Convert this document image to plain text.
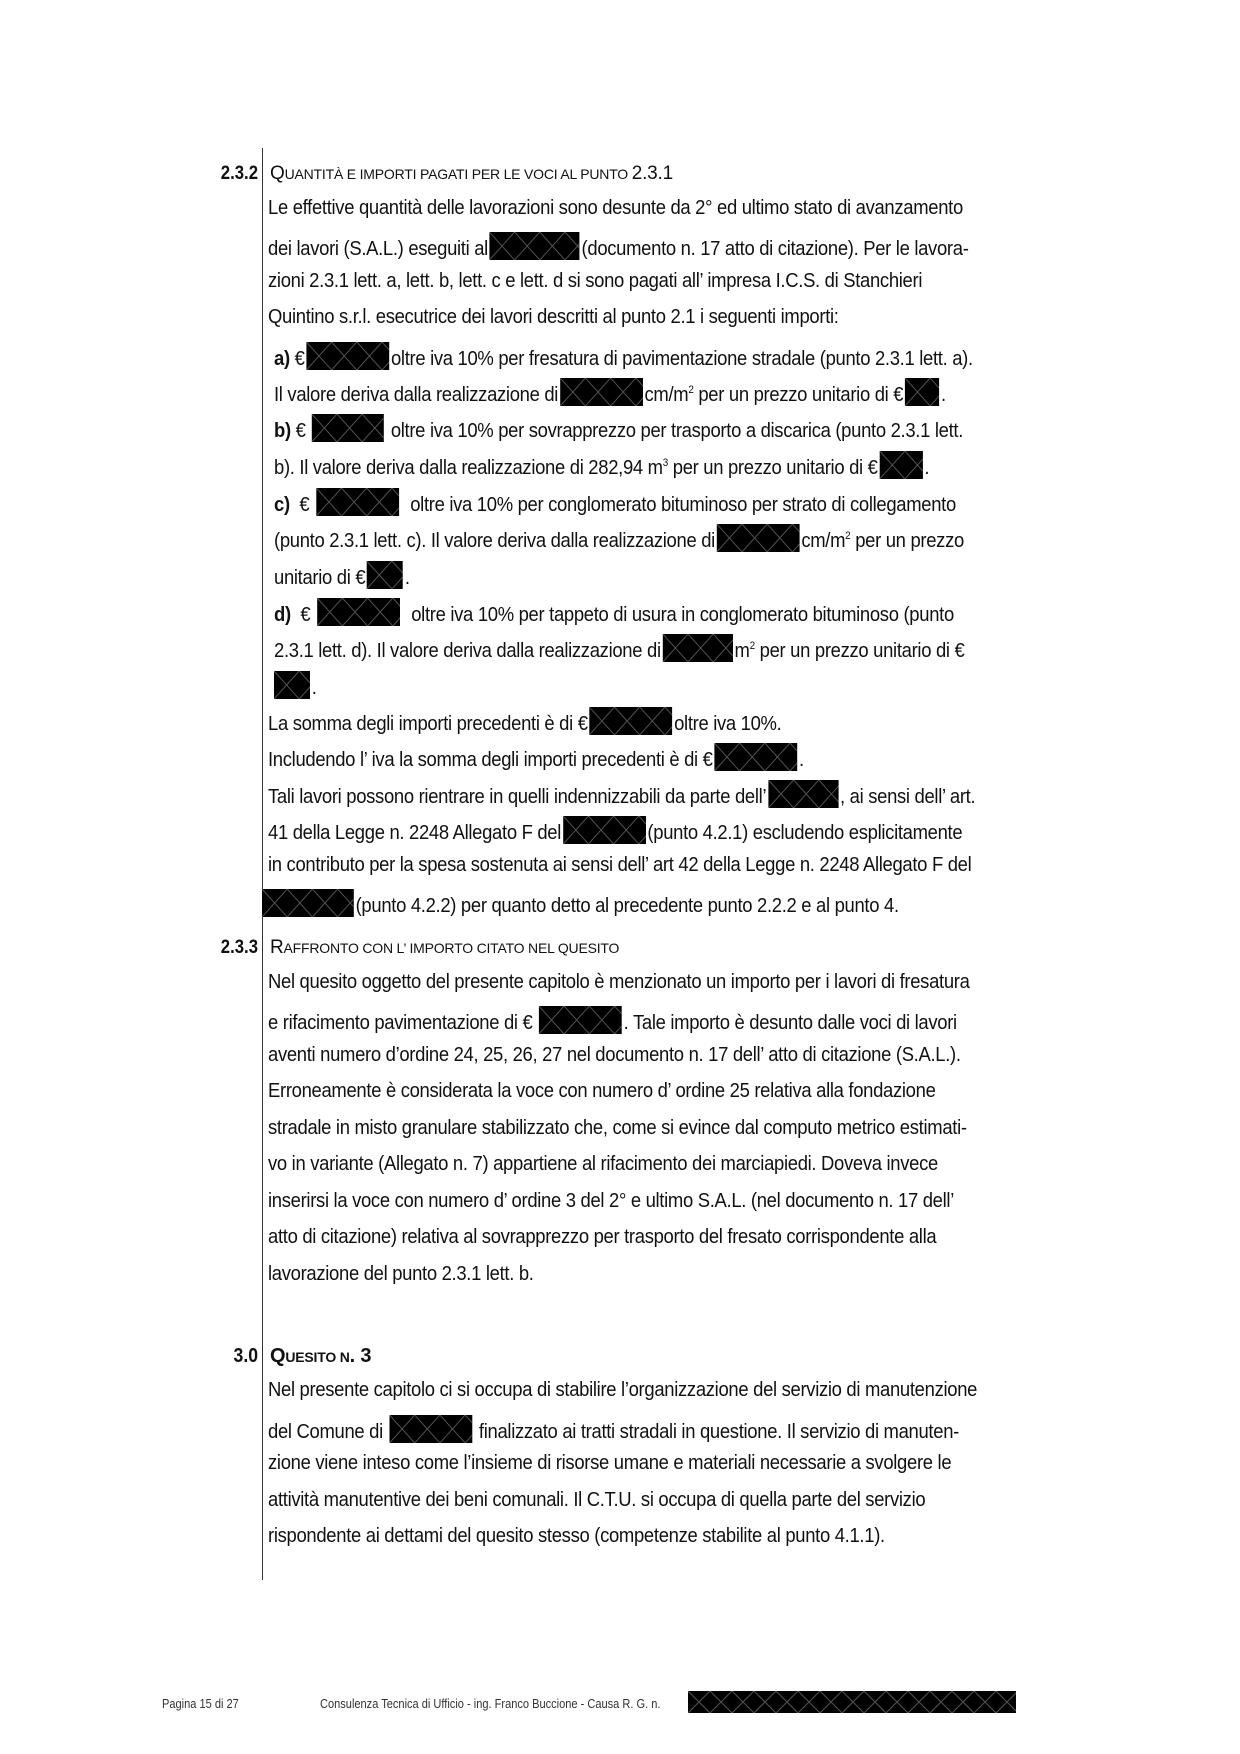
2.3.2 QUANTITÀ E IMPORTI PAGATI PER LE VOCI AL PUNTO 2.3.1
Le effettive quantità delle lavorazioni sono desunte da 2° ed ultimo stato di avanzamento
dei lavori (S.A.L.) eseguiti al	(documento n. 17 atto di citazione). Per le lavora-
zioni 2.3.1 lett. a, lett. b, lett. c e lett. d si sono pagati all’ impresa I.C.S. di Stanchieri
Quintino s.r.l. esecutrice dei lavori descritti al punto 2.1 i seguenti importi:
a) €	oltre iva 10% per fresatura di pavimentazione stradale (punto 2.3.1 lett. a).
Il valore deriva dalla realizzazione di	$cm/m^2$ per un prezzo unitario di € .
b) €	oltre iva 10% per sovrapprezzo per trasporto a discarica (punto 2.3.1 lett.
b). Il valore deriva dalla realizzazione di 282,94 $m^3$ per un prezzo unitario di € .
c) €	oltre iva 10% per conglomerato bituminoso per strato di collegamento
(punto 2.3.1 lett. c). Il valore deriva dalla realizzazione di	$cm/m^2$ per un prezzo
unitario di € .
d) €	oltre iva 10% per tappeto di usura in conglomerato bituminoso (punto
2.3.1 lett. d). Il valore deriva dalla realizzazione di	$m^2$ per un prezzo unitario di €
.
La somma degli importi precedenti è di €	oltre iva 10%.
Includendo l’ iva la somma degli importi precedenti è di €	.
Tali lavori possono rientrare in quelli indennizzabili da parte dell’	, ai sensi dell’ art.
41 della Legge n. 2248 Allegato F del	(punto 4.2.1) escludendo esplicitamente
in contributo per la spesa sostenuta ai sensi dell’ art 42 della Legge n. 2248 Allegato F del
(punto 4.2.2) per quanto detto al precedente punto 2.2.2 e al punto 4.
2.3.3 RAFFRONTO CON L’ IMPORTO CITATO NEL QUESITO
Nel quesito oggetto del presente capitolo è menzionato un importo per i lavori di fresatura
e rifacimento pavimentazione di €	. Tale importo è desunto dalle voci di lavori
aventi numero d’ordine 24, 25, 26, 27 nel documento n. 17 dell’ atto di citazione (S.A.L.).
Erroneamente è considerata la voce con numero d’ ordine 25 relativa alla fondazione
stradale in misto granulare stabilizzato che, come si evince dal computo metrico estimati-
vo in variante (Allegato n. 7) appartiene al rifacimento dei marciapiedi. Doveva invece
inserirsi la voce con numero d’ ordine 3 del 2° e ultimo S.A.L. (nel documento n. 17 dell’
atto di citazione) relativa al sovrapprezzo per trasporto del fresato corrispondente alla
lavorazione del punto 2.3.1 lett. b.
3.0 QUESITO N. 3
Nel presente capitolo ci si occupa di stabilire l’organizzazione del servizio di manutenzione
del Comune di	finalizzato ai tratti stradali in questione. Il servizio di manuten-
zione viene inteso come l’insieme di risorse umane e materiali necessarie a svolgere le
attività manutentive dei beni comunali. Il C.T.U. si occupa di quella parte del servizio
rispondente ai dettami del quesito stesso (competenze stabilite al punto 4.1.1).
Pagina 15 di 27	Consulenza Tecnica di Ufficio - ing. Franco Buccione - Causa R. G. n.
